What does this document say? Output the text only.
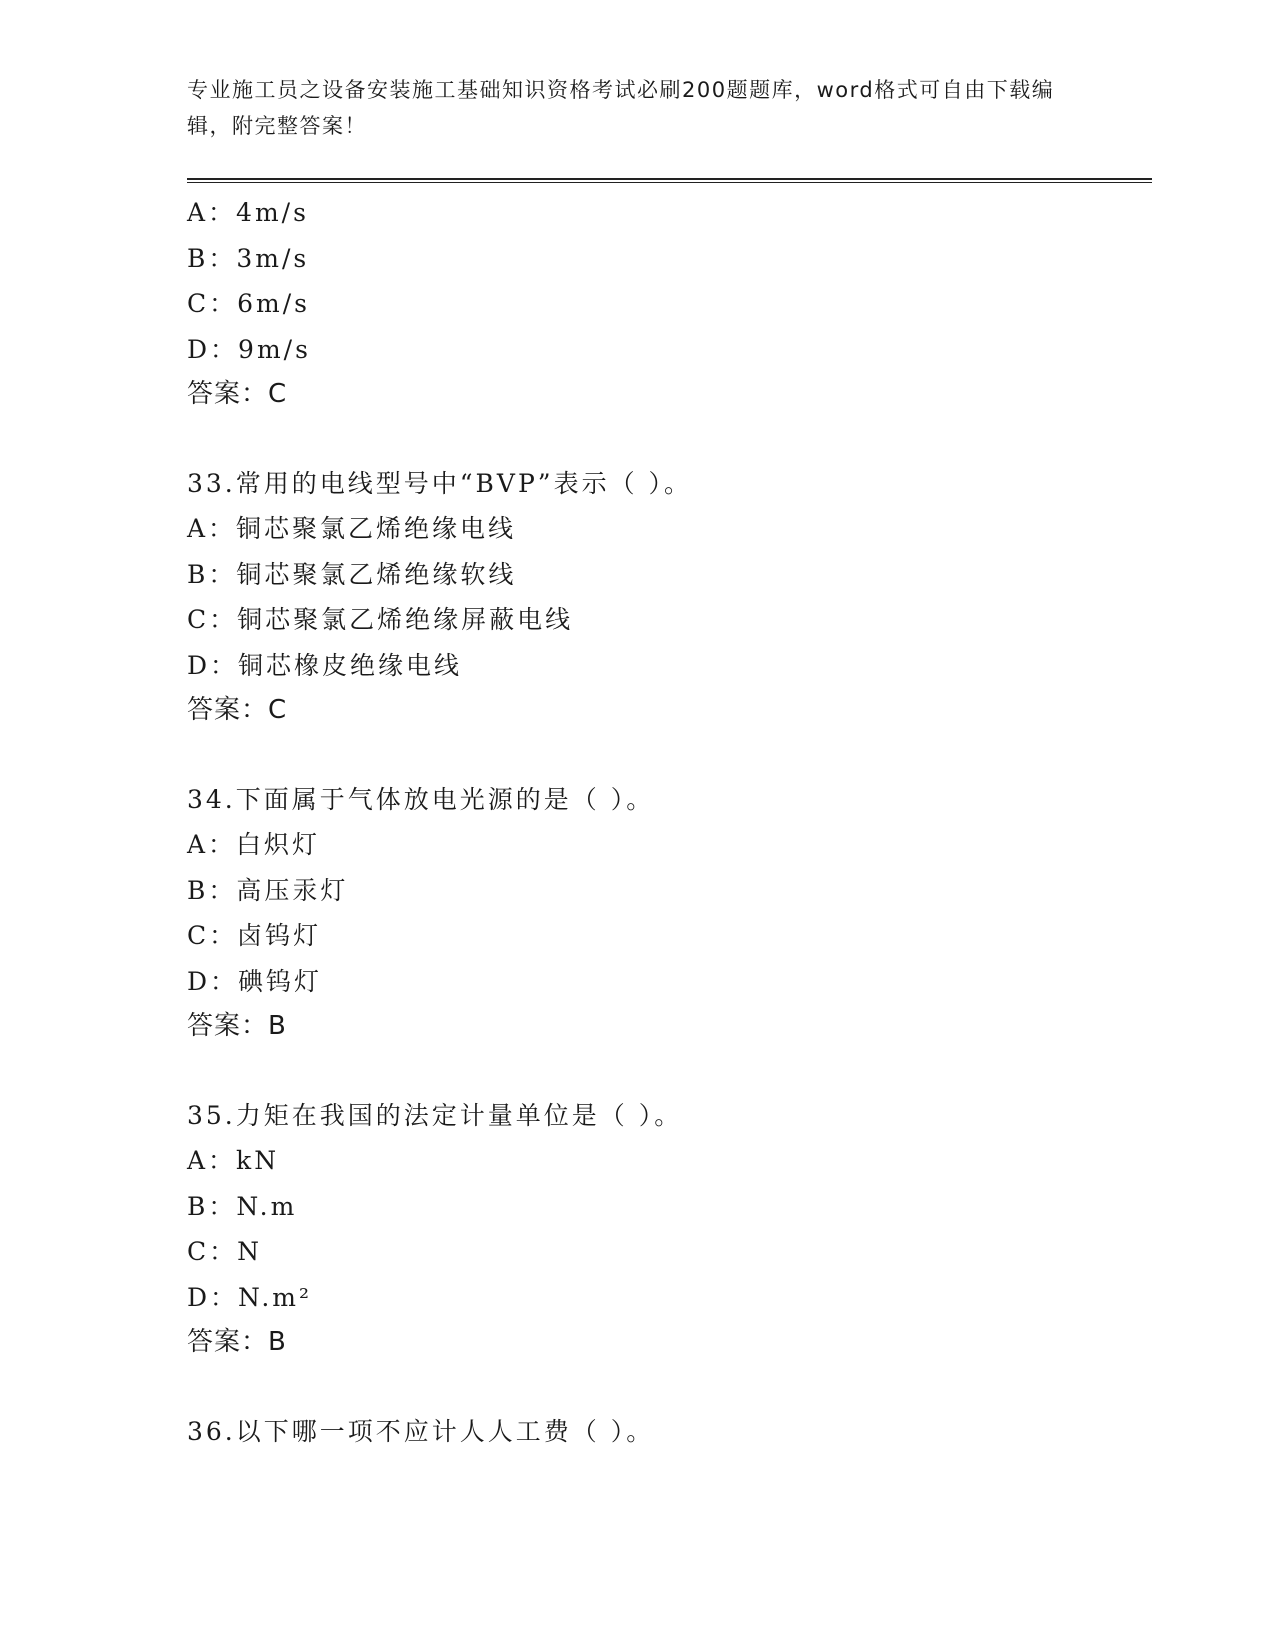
专业施工员之设备安装施工基础知识资格考试必刷200题题库，word格式可自由下载编辑，附完整答案！
A：4m/s
B：3m/s
C：6m/s
D：9m/s
答案：C
33.常用的电线型号中“BVP”表示（ ）。
A：铜芯聚氯乙烯绝缘电线
B：铜芯聚氯乙烯绝缘软线
C：铜芯聚氯乙烯绝缘屏蔽电线
D：铜芯橡皮绝缘电线
答案：C
34.下面属于气体放电光源的是（ ）。
A：白炽灯
B：高压汞灯
C：卤钨灯
D：碘钨灯
答案：B
35.力矩在我国的法定计量单位是（ ）。
A：kN
B：N.m
C：N
D：N.m²
答案：B
36.以下哪一项不应计人人工费（ ）。
